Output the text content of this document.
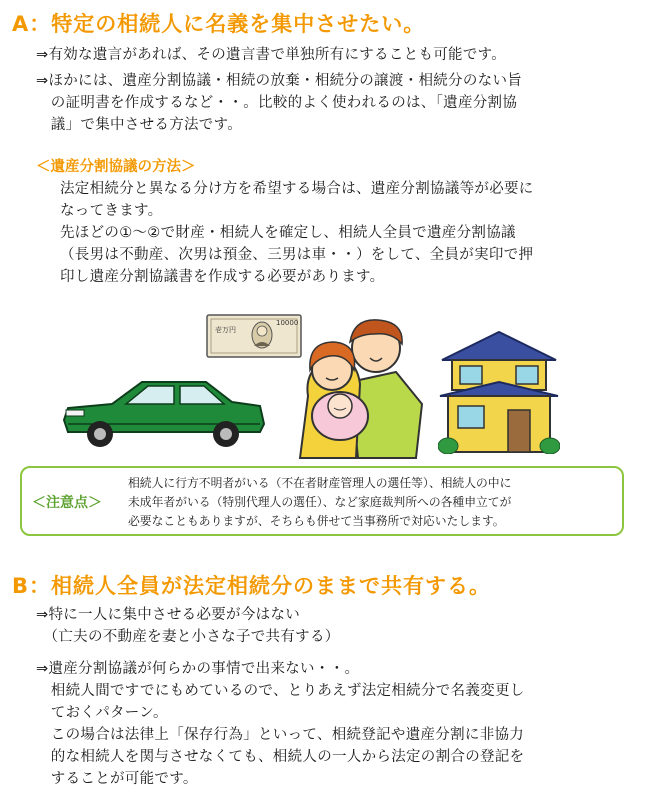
A：特定の相続人に名義を集中させたい。
⇒有効な遺言があれば、その遺言書で単独所有にすることも可能です。
⇒ほかには、遺産分割協議・相続の放棄・相続分の譲渡・相続分のない旨
　の証明書を作成するなど・・。比較的よく使われるのは、「遺産分割協
　議」で集中させる方法です。
＜遺産分割協議の方法＞
法定相続分と異なる分け方を希望する場合は、遺産分割協議等が必要に
なってきます。
先ほどの①～②で財産・相続人を確定し、相続人全員で遺産分割協議
（長男は不動産、次男は預金、三男は車・・）をして、全員が実印で押
印し遺産分割協議書を作成する必要があります。
壱万円
10000
＜注意点＞
相続人に行方不明者がいる（不在者財産管理人の選任等）、相続人の中に
未成年者がいる（特別代理人の選任）、など家庭裁判所への各種申立てが
必要なこともありますが、そちらも併せて当事務所で対応いたします。
B：相続人全員が法定相続分のままで共有する。
⇒特に一人に集中させる必要が今はない
　（亡夫の不動産を妻と小さな子で共有する）
⇒遺産分割協議が何らかの事情で出来ない・・。
　相続人間ですでにもめているので、とりあえず法定相続分で名義変更し
　ておくパターン。
　この場合は法律上「保存行為」といって、相続登記や遺産分割に非協力
　的な相続人を関与させなくても、相続人の一人から法定の割合の登記を
　することが可能です。
